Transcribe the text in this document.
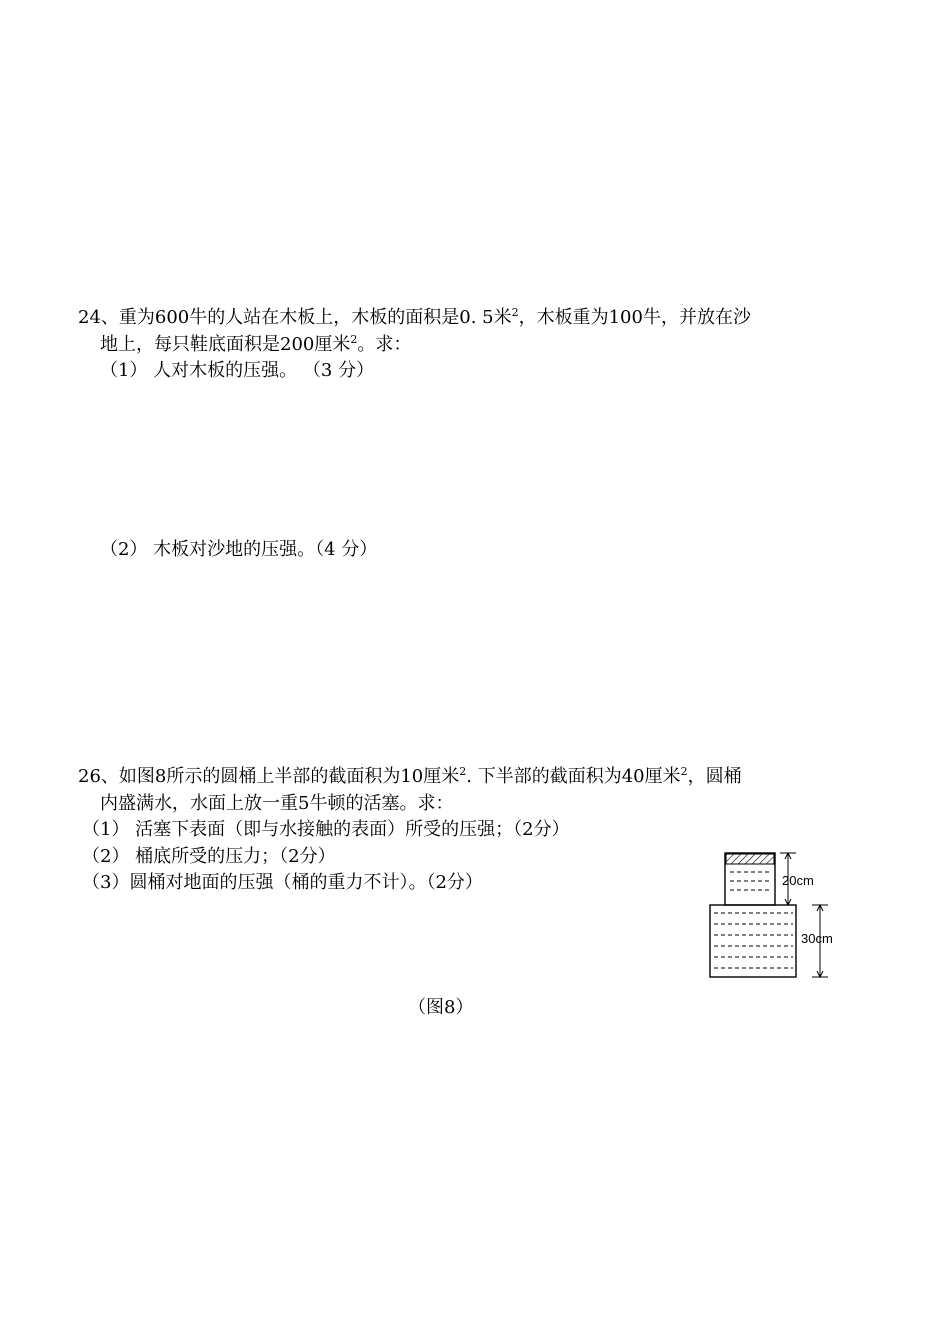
24、重为600牛的人站在木板上，木板的面积是0. 5米$^2$，木板重为100牛，并放在沙
地上，每只鞋底面积是200厘米$^2$。求：
（1） 人对木板的压强。 （3 分）
（2） 木板对沙地的压强。（4 分）
26、如图8所示的圆桶上半部的截面积为10厘米$^2$. 下半部的截面积为40厘米$^2$，圆桶
内盛满水，水面上放一重5牛顿的活塞。求：
（1） 活塞下表面（即与水接触的表面）所受的压强；（2分）
（2） 桶底所受的压力；（2分）
（3）圆桶对地面的压强（桶的重力不计）。（2分）	20cm
30cm
（图8）
